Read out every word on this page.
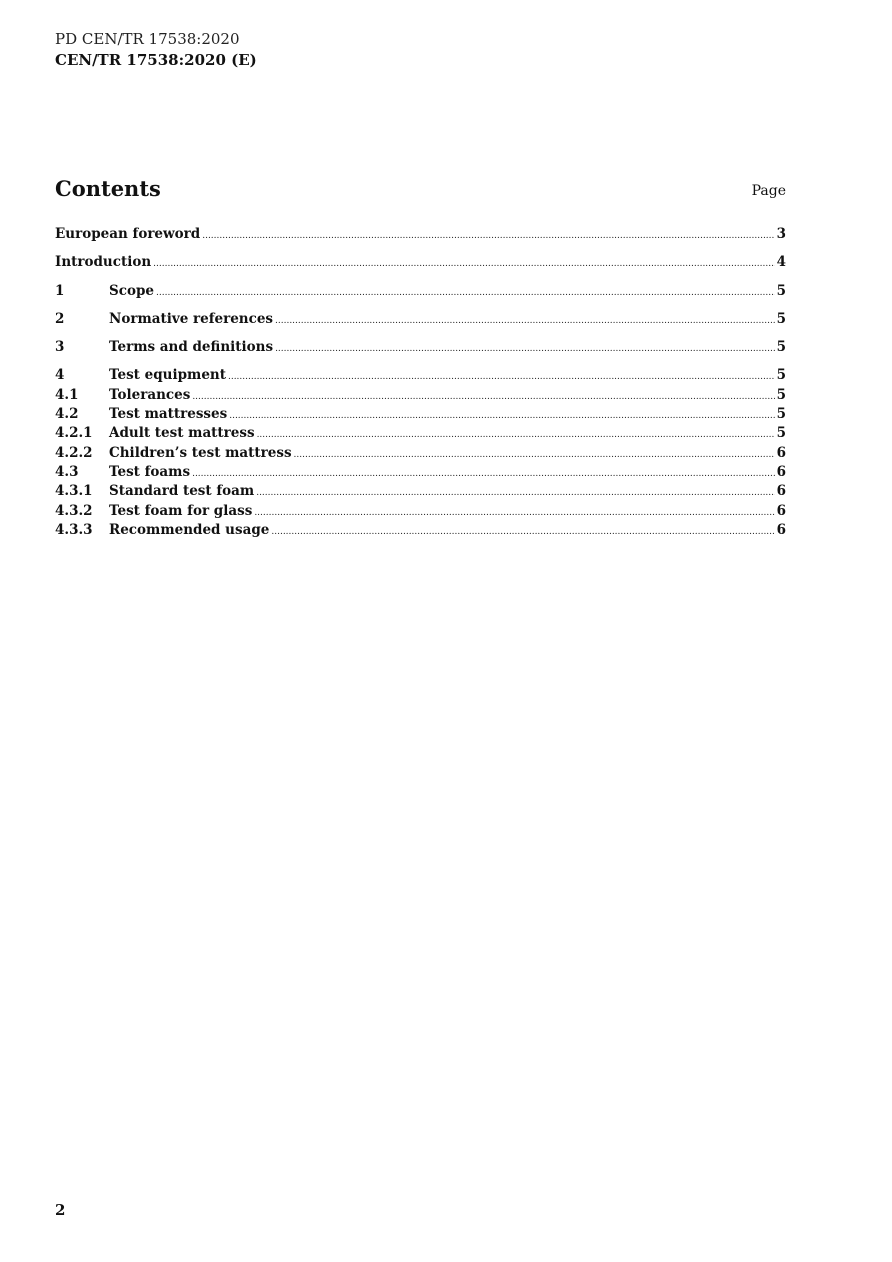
PD CEN/TR 17538:2020
CEN/TR 17538:2020 (E)
Contents	Page
European foreword .....	3
Introduction .....	4
1	Scope .....	5
2	Normative references .....	5
3	Terms and definitions .....	5
4	Test equipment .....	5
4.1	Tolerances .....	5
4.2	Test mattresses .....	5
4.2.1	Adult test mattress .....	5
4.2.2	Children’s test mattress .....	6
4.3	Test foams .....	6
4.3.1	Standard test foam .....	6
4.3.2	Test foam for glass .....	6
4.3.3	Recommended usage .....	6
2
